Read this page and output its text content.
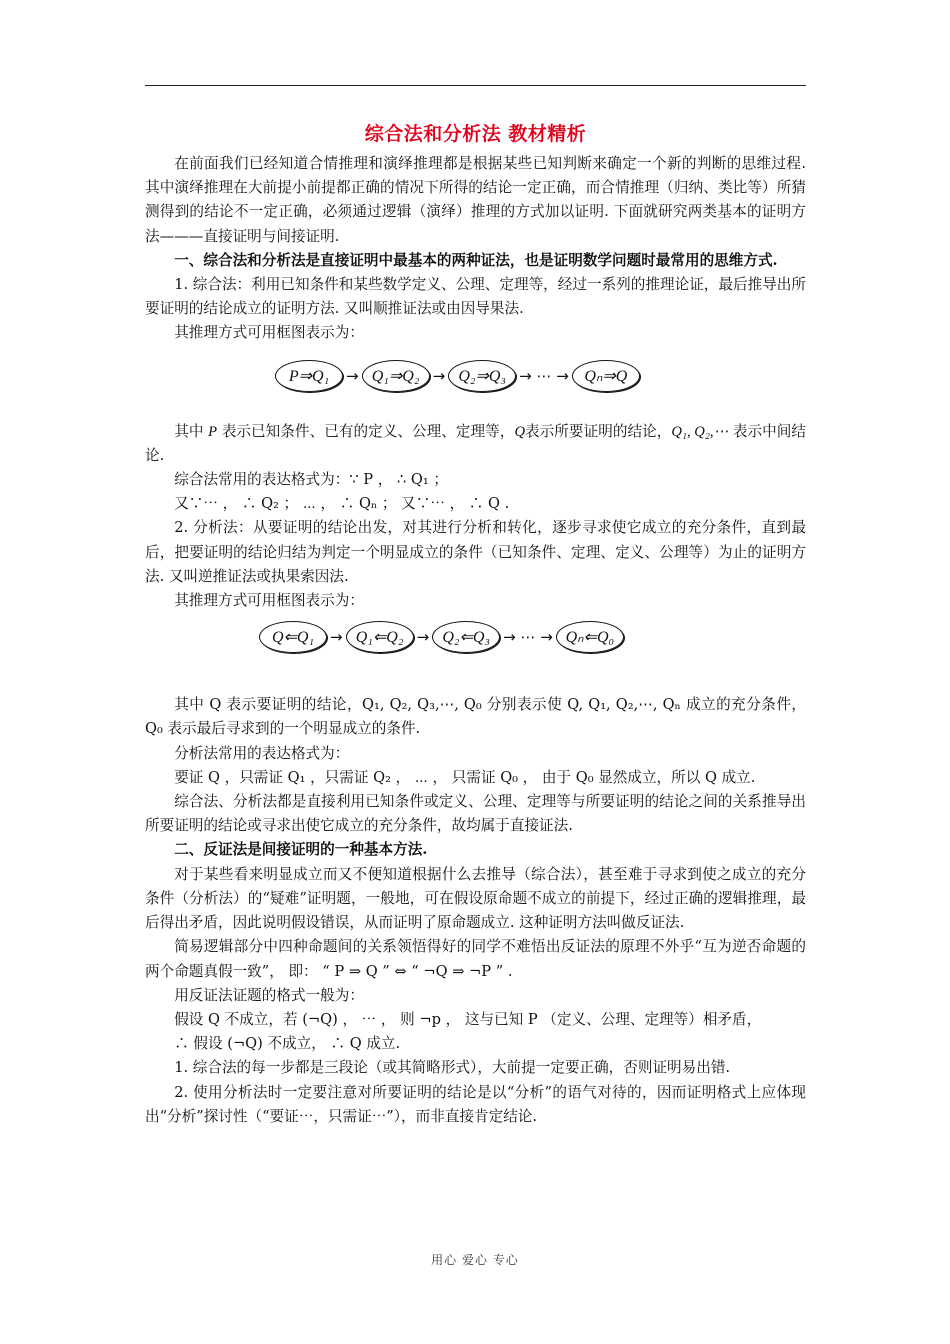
综合法和分析法 教材精析

在前面我们已经知道合情推理和演绎推理都是根据某些已知判断来确定一个新的判断的思维过程. 其中演绎推理在大前提小前提都正确的情况下所得的结论一定正确，而合情推理（归纳、类比等）所猜测得到的结论不一定正确，必须通过逻辑（演绎）推理的方式加以证明. 下面就研究两类基本的证明方法———直接证明与间接证明.

一、综合法和分析法是直接证明中最基本的两种证法，也是证明数学问题时最常用的思维方式.

1. 综合法：利用已知条件和某些数学定义、公理、定理等，经过一系列的推理论证，最后推导出所要证明的结论成立的证明方法. 又叫顺推证法或由因导果法.

其推理方式可用框图表示为：

P⇒Q₁	→ Q₁⇒Q₂ → Q₂⇒Q₃ → ⋯ → Qₙ⇒Q

其中 P 表示已知条件、已有的定义、公理、定理等，Q表示所要证明的结论，Q₁, Q₂,⋯ 表示中间结论.

综合法常用的表达格式为： ∵ P ， ∴ Q₁ ；

又∵⋯ ， ∴ Q₂ ； ⋯ ， ∴ Qₙ ； 又∵⋯ ， ∴ Q .

2. 分析法：从要证明的结论出发，对其进行分析和转化，逐步寻求使它成立的充分条件，直到最后，把要证明的结论归结为判定一个明显成立的条件（已知条件、定理、定义、公理等）为止的证明方法. 又叫逆推证法或执果索因法.

其推理方式可用框图表示为：

Q⇐Q₁	→ Q₁⇐Q₂ → Q₂⇐Q₃ → ⋯ → Qₙ⇐Q₀

其中 Q 表示要证明的结论，Q₁, Q₂, Q₃,⋯, Q₀ 分别表示使 Q, Q₁, Q₂,⋯, Qₙ 成立的充分条件， Q₀ 表示最后寻求到的一个明显成立的条件.

分析法常用的表达格式为：

要证 Q ，只需证 Q₁ ，只需证 Q₂ ， ⋯ ， 只需证 Q₀ ， 由于 Q₀ 显然成立，所以 Q 成立.

综合法、分析法都是直接利用已知条件或定义、公理、定理等与所要证明的结论之间的关系推导出所要证明的结论或寻求出使它成立的充分条件，故均属于直接证法.

二、反证法是间接证明的一种基本方法.

对于某些看来明显成立而又不便知道根据什么去推导（综合法），甚至难于寻求到使之成立的充分条件（分析法）的“疑难”证明题，一般地，可在假设原命题不成立的前提下，经过正确的逻辑推理，最后得出矛盾，因此说明假设错误，从而证明了原命题成立. 这种证明方法叫做反证法.

简易逻辑部分中四种命题间的关系领悟得好的同学不难悟出反证法的原理不外乎“互为逆否命题的两个命题真假一致”， 即： “ P ⇒ Q ” ⇔ “ ¬Q ⇒ ¬P ” .

用反证法证题的格式一般为：

假设 Q 不成立，若 (¬Q) ， ⋯ ， 则 ¬p ， 这与已知 P （定义、公理、定理等）相矛盾，

∴ 假设 (¬Q) 不成立， ∴ Q 成立.

1. 综合法的每一步都是三段论（或其简略形式），大前提一定要正确，否则证明易出错.

2. 使用分析法时一定要注意对所要证明的结论是以“分析”的语气对待的，因而证明格式上应体现出“分析”探讨性（“要证⋯，只需证⋯”），而非直接肯定结论.

用心 爱心 专心
